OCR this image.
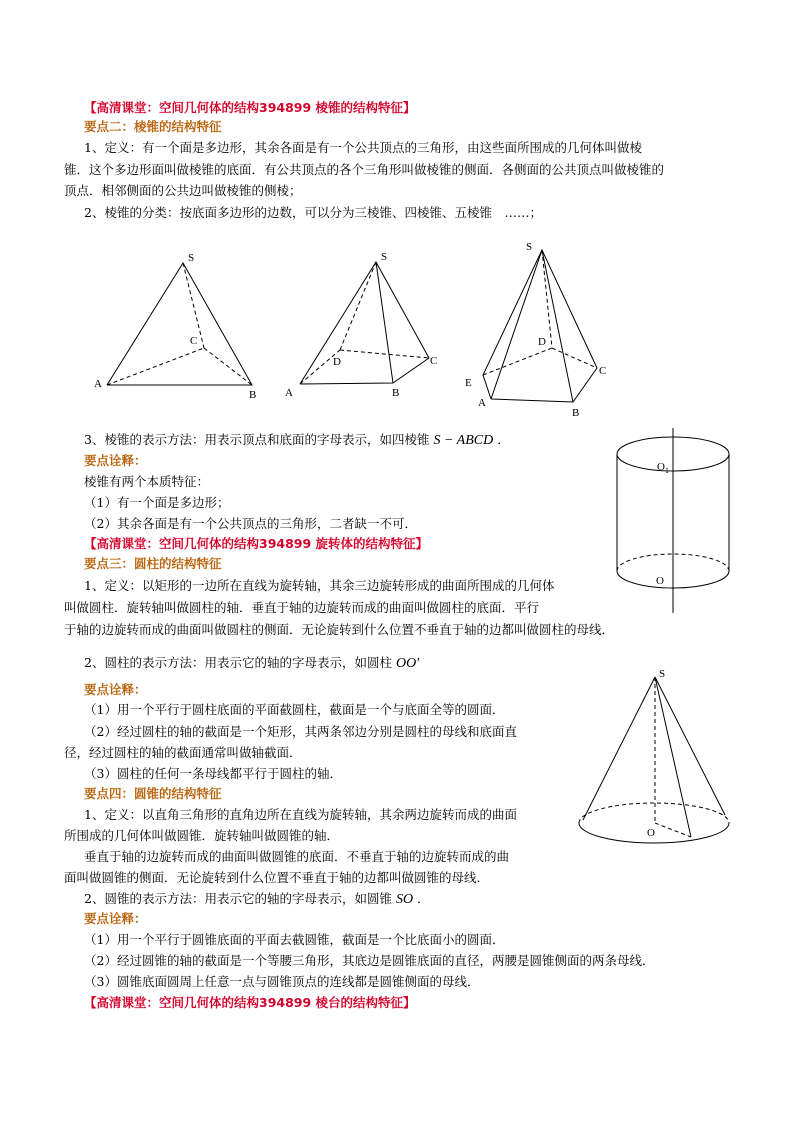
【高清课堂：空间几何体的结构394899 棱锥的结构特征】
要点二：棱锥的结构特征
1、定义：有一个面是多边形，其余各面是有一个公共顶点的三角形，由这些面所围成的几何体叫做棱
锥．这个多边形面叫做棱锥的底面．有公共顶点的各个三角形叫做棱锥的侧面．各侧面的公共顶点叫做棱锥的
顶点．相邻侧面的公共边叫做棱锥的侧棱；
2、棱锥的分类：按底面多边形的边数，可以分为三棱锥、四棱锥、五棱锥　……；
S
A
B
C
S
A	B
C
D
S
A
B
C
D
E
3、棱锥的表示方法：用表示顶点和底面的字母表示，如四棱锥 S − ABCD ．
要点诠释：
棱锥有两个本质特征：
（1）有一个面是多边形；
（2）其余各面是有一个公共顶点的三角形，二者缺一不可．
【高清课堂：空间几何体的结构394899 旋转体的结构特征】
要点三：圆柱的结构特征
1、定义：以矩形的一边所在直线为旋转轴，其余三边旋转形成的曲面所围成的几何体
叫做圆柱．旋转轴叫做圆柱的轴．垂直于轴的边旋转而成的曲面叫做圆柱的底面．平行
于轴的边旋转而成的曲面叫做圆柱的侧面．无论旋转到什么位置不垂直于轴的边都叫做圆柱的母线．
$O_1$
O
2、圆柱的表示方法：用表示它的轴的字母表示，如圆柱 OO′
要点诠释：
（1）用一个平行于圆柱底面的平面截圆柱，截面是一个与底面全等的圆面．
（2）经过圆柱的轴的截面是一个矩形，其两条邻边分别是圆柱的母线和底面直
径，经过圆柱的轴的截面通常叫做轴截面．
（3）圆柱的任何一条母线都平行于圆柱的轴．
S
O
要点四：圆锥的结构特征
1、定义：以直角三角形的直角边所在直线为旋转轴，其余两边旋转而成的曲面
所围成的几何体叫做圆锥．旋转轴叫做圆锥的轴．
垂直于轴的边旋转而成的曲面叫做圆锥的底面．不垂直于轴的边旋转而成的曲
面叫做圆锥的侧面．无论旋转到什么位置不垂直于轴的边都叫做圆锥的母线．
2、圆锥的表示方法：用表示它的轴的字母表示，如圆锥 SO ．
要点诠释：
（1）用一个平行于圆锥底面的平面去截圆锥，截面是一个比底面小的圆面．
（2）经过圆锥的轴的截面是一个等腰三角形，其底边是圆锥底面的直径，两腰是圆锥侧面的两条母线．
（3）圆锥底面圆周上任意一点与圆锥顶点的连线都是圆锥侧面的母线．
【高清课堂：空间几何体的结构394899 棱台的结构特征】
